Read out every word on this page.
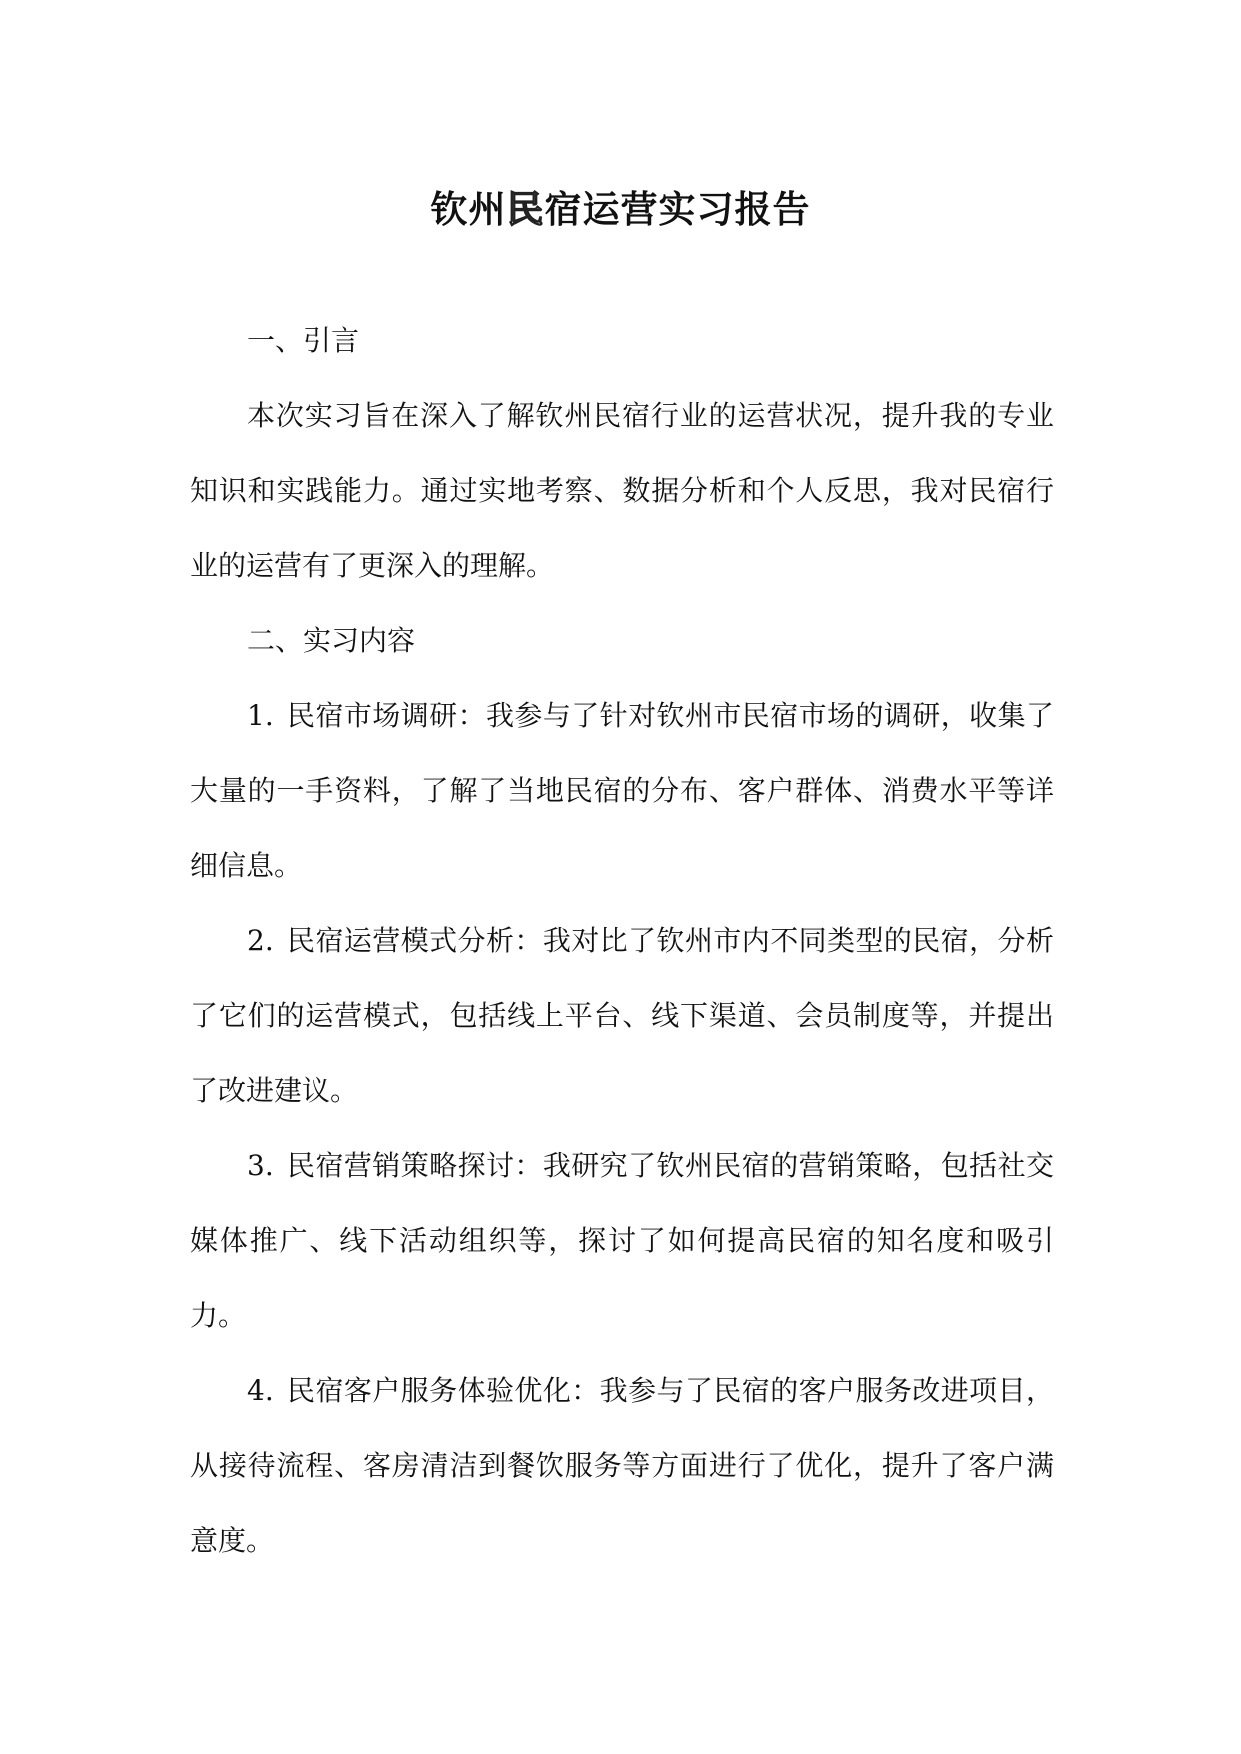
钦州民宿运营实习报告

一、引言

本次实习旨在深入了解钦州民宿行业的运营状况，提升我的专业知识和实践能力。通过实地考察、数据分析和个人反思，我对民宿行业的运营有了更深入的理解。

二、实习内容

1. 民宿市场调研：我参与了针对钦州市民宿市场的调研，收集了大量的一手资料，了解了当地民宿的分布、客户群体、消费水平等详细信息。

2. 民宿运营模式分析：我对比了钦州市内不同类型的民宿，分析了它们的运营模式，包括线上平台、线下渠道、会员制度等，并提出了改进建议。

3. 民宿营销策略探讨：我研究了钦州民宿的营销策略，包括社交媒体推广、线下活动组织等，探讨了如何提高民宿的知名度和吸引力。

4. 民宿客户服务体验优化：我参与了民宿的客户服务改进项目，从接待流程、客房清洁到餐饮服务等方面进行了优化，提升了客户满意度。
